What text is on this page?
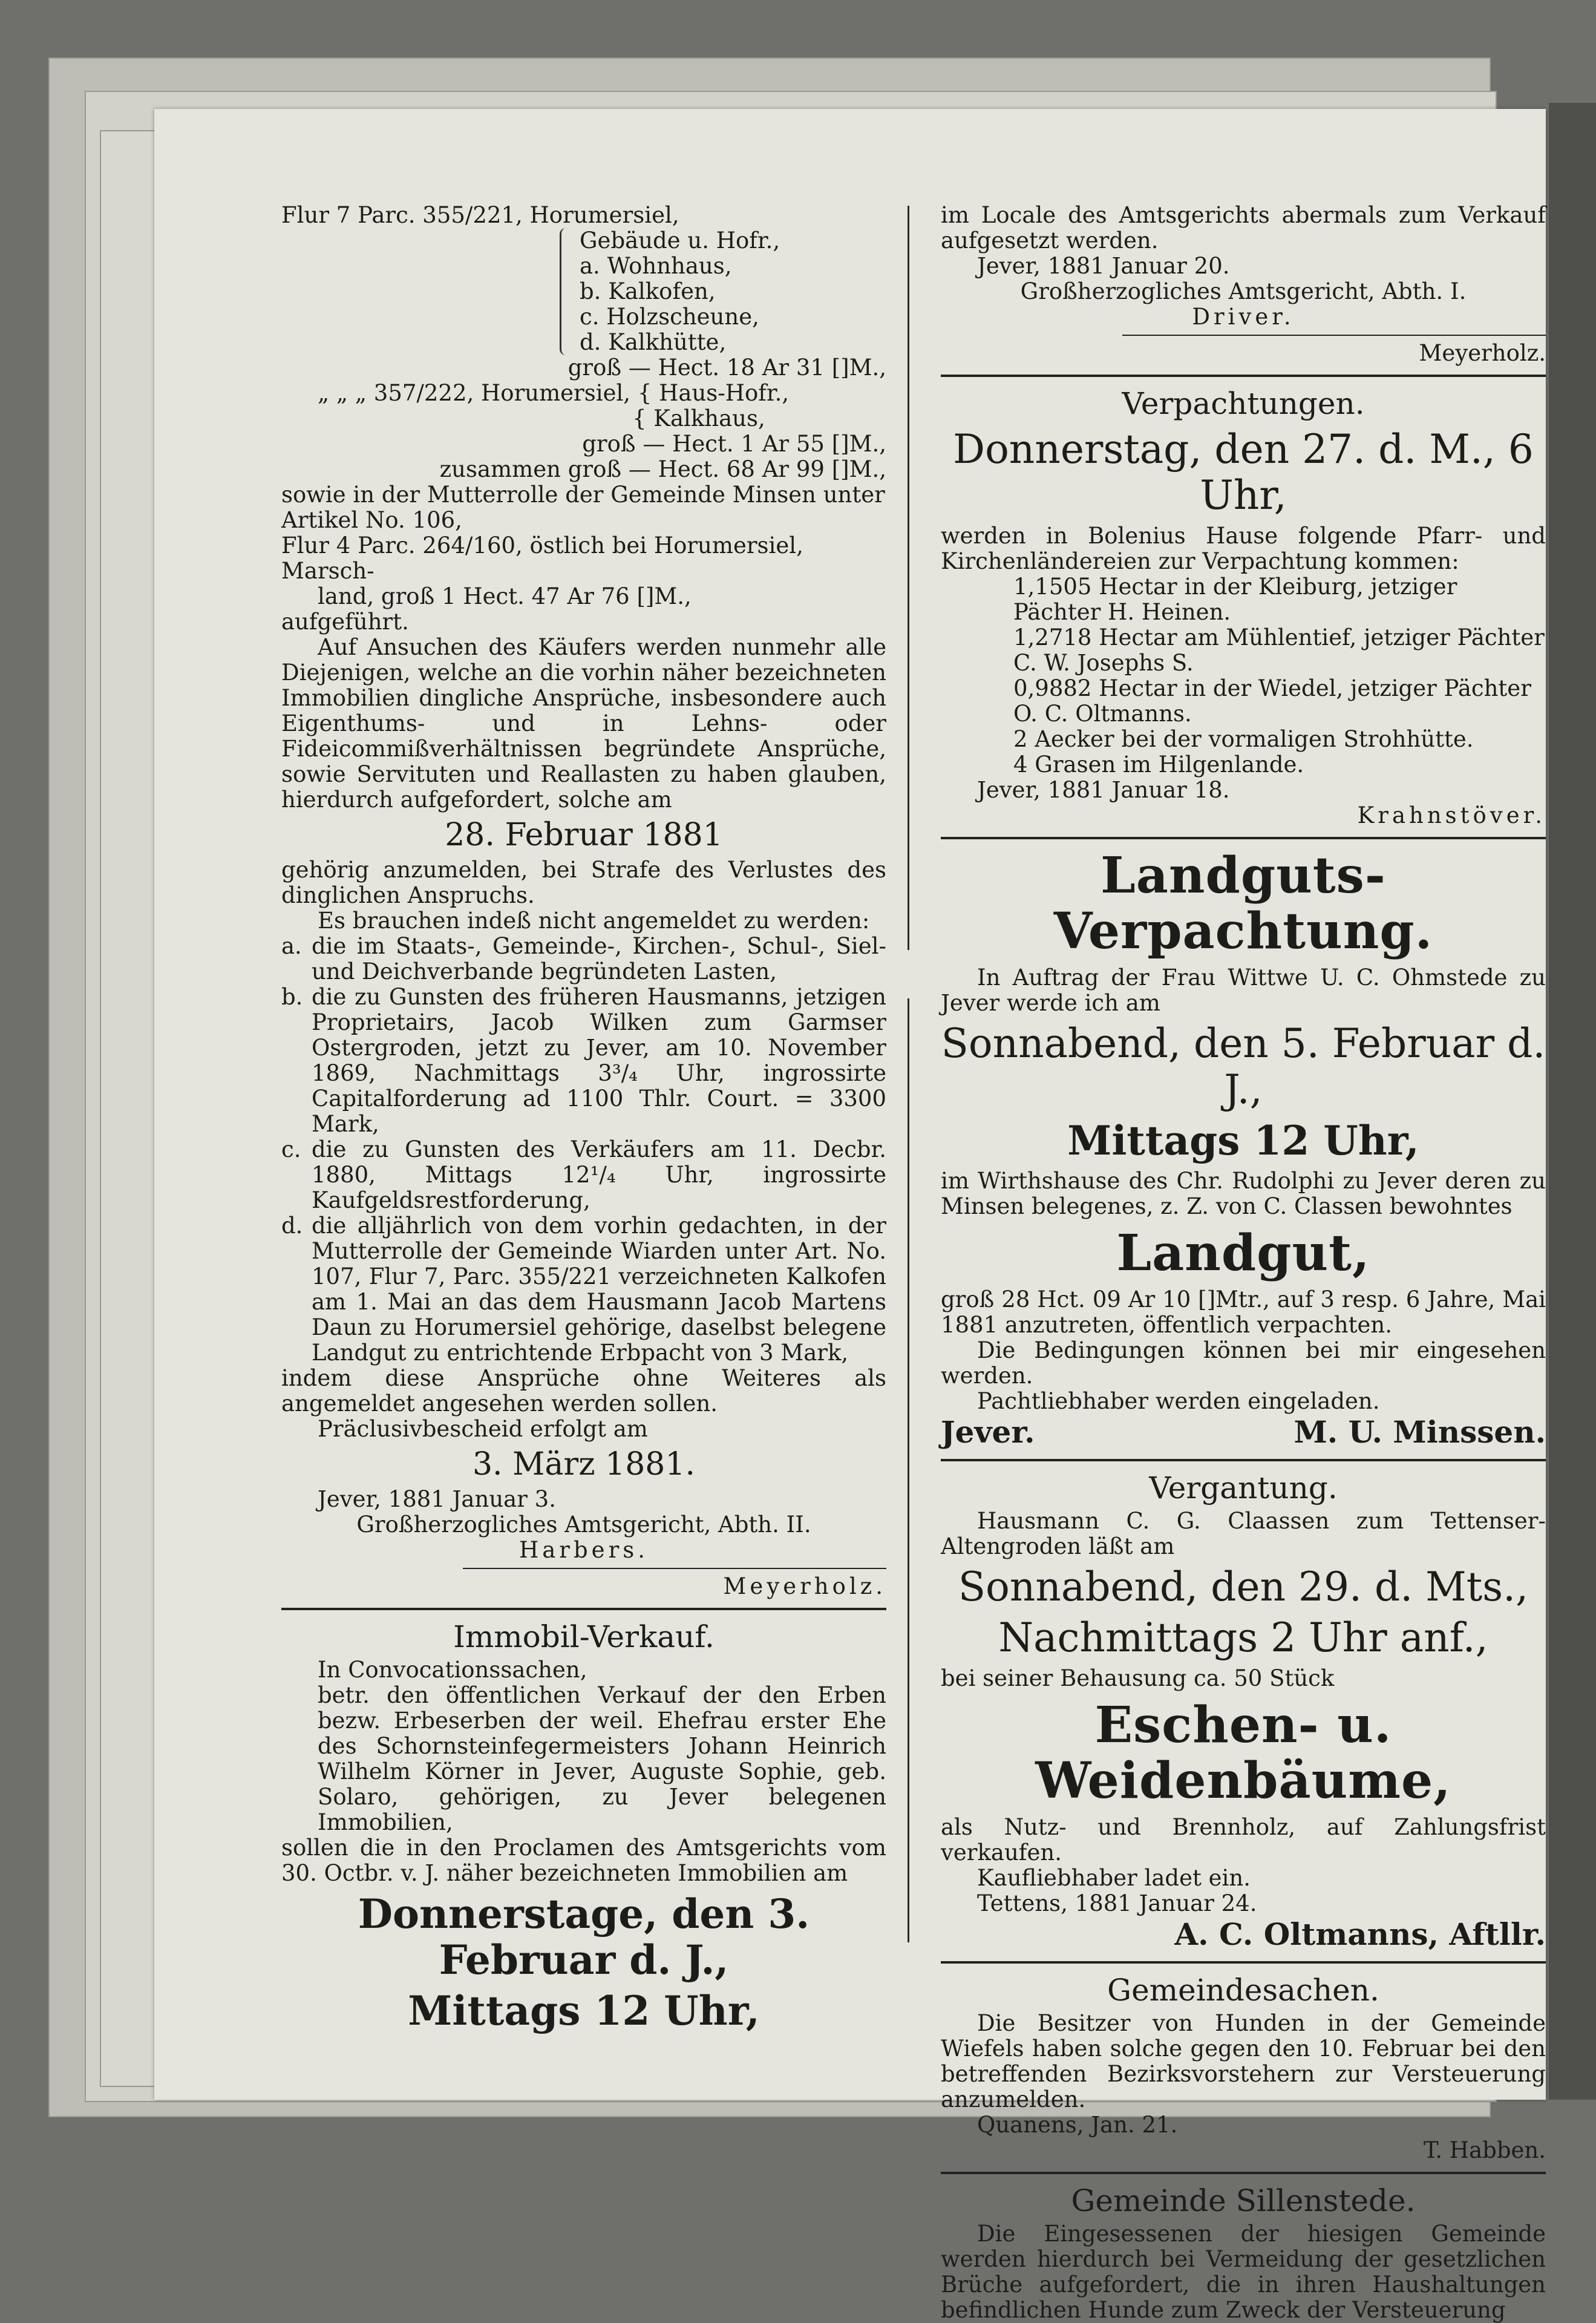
Flur 7 Parc. 355/221, Horumersiel,

Gebäude u. Hofr.,

a. Wohnhaus,

b. Kalkofen,

c. Holzscheune,

d. Kalkhütte,

groß — Hect. 18 Ar 31 []M.,

„ „ „ 357/222, Horumersiel, { Haus-Hofr.,

{ Kalkhaus,

groß — Hect. 1 Ar 55 []M.,

zusammen groß — Hect. 68 Ar 99 []M.,

sowie in der Mutterrolle der Gemeinde Minsen unter

Artikel No. 106,

Flur 4 Parc. 264/160, östlich bei Horumersiel, Marsch-

land, groß 1 Hect. 47 Ar 76 []M.,

aufgeführt.

Auf Ansuchen des Käufers werden nunmehr alle Diejenigen, welche an die vorhin näher bezeichneten Immobilien dingliche Ansprüche, insbesondere auch Eigenthums- und in Lehns- oder Fideicommißverhältnissen begründete Ansprüche, sowie Servituten und Reallasten zu haben glauben, hierdurch aufgefordert, solche am

28. Februar 1881

gehörig anzumelden, bei Strafe des Verlustes des dinglichen Anspruchs.

Es brauchen indeß nicht angemeldet zu werden:

a. die im Staats-, Gemeinde-, Kirchen-, Schul-, Siel- und Deichverbande begründeten Lasten,
b. die zu Gunsten des früheren Hausmanns, jetzigen Proprietairs, Jacob Wilken zum Garmser Ostergroden, jetzt zu Jever, am 10. November 1869, Nachmittags 3³/₄ Uhr, ingrossirte Capitalforderung ad 1100 Thlr. Court. = 3300 Mark,
c. die zu Gunsten des Verkäufers am 11. Decbr. 1880, Mittags 12¹/₄ Uhr, ingrossirte Kaufgeldsrestforderung,
d. die alljährlich von dem vorhin gedachten, in der Mutterrolle der Gemeinde Wiarden unter Art. No. 107, Flur 7, Parc. 355/221 verzeichneten Kalkofen am 1. Mai an das dem Hausmann Jacob Martens Daun zu Horumersiel gehörige, daselbst belegene Landgut zu entrichtende Erbpacht von 3 Mark,

indem diese Ansprüche ohne Weiteres als angemeldet angesehen werden sollen.

Präclusivbescheid erfolgt am

3. März 1881.

Jever, 1881 Januar 3.

Großherzogliches Amtsgericht, Abth. II.

Harbers.

Meyerholz.

Immobil-Verkauf.

In Convocationssachen,

betr. den öffentlichen Verkauf der den Erben bezw. Erbeserben der weil. Ehefrau erster Ehe des Schornsteinfegermeisters Johann Heinrich Wilhelm Körner in Jever, Auguste Sophie, geb. Solaro, gehörigen, zu Jever belegenen Immobilien,

sollen die in den Proclamen des Amtsgerichts vom 30. Octbr. v. J. näher bezeichneten Immobilien am

Donnerstage, den 3. Februar d. J.,

Mittags 12 Uhr,

im Locale des Amtsgerichts abermals zum Verkauf aufgesetzt werden.

Jever, 1881 Januar 20.

Großherzogliches Amtsgericht, Abth. I.

Driver.

Meyerholz.

Verpachtungen.

Donnerstag, den 27. d. M., 6 Uhr,

werden in Bolenius Hause folgende Pfarr- und Kirchenländereien zur Verpachtung kommen:

1,1505 Hectar in der Kleiburg, jetziger Pächter H. Heinen.

1,2718 Hectar am Mühlentief, jetziger Pächter C. W. Josephs S.

0,9882 Hectar in der Wiedel, jetziger Pächter O. C. Oltmanns.

2 Aecker bei der vormaligen Strohhütte.

4 Grasen im Hilgenlande.

Jever, 1881 Januar 18.

Krahnstöver.

Landguts-Verpachtung.

In Auftrag der Frau Wittwe U. C. Ohmstede zu Jever werde ich am

Sonnabend, den 5. Februar d. J.,

Mittags 12 Uhr,

im Wirthshause des Chr. Rudolphi zu Jever deren zu Minsen belegenes, z. Z. von C. Classen bewohntes

Landgut,

groß 28 Hct. 09 Ar 10 []Mtr., auf 3 resp. 6 Jahre, Mai 1881 anzutreten, öffentlich verpachten.

Die Bedingungen können bei mir eingesehen werden.

Pachtliebhaber werden eingeladen.

Jever.	M. U. Minssen.

Vergantung.

Hausmann C. G. Claassen zum Tettenser-Altengroden läßt am

Sonnabend, den 29. d. Mts.,

Nachmittags 2 Uhr anf.,

bei seiner Behausung ca. 50 Stück

Eschen- u. Weidenbäume,

als Nutz- und Brennholz, auf Zahlungsfrist verkaufen.

Kaufliebhaber ladet ein.

Tettens, 1881 Januar 24.

A. C. Oltmanns, Aftllr.

Gemeindesachen.

Die Besitzer von Hunden in der Gemeinde Wiefels haben solche gegen den 10. Februar bei den betreffenden Bezirksvorstehern zur Versteuerung anzumelden.

Quanens, Jan. 21.

T. Habben.

Gemeinde Sillenstede.

Die Eingesessenen der hiesigen Gemeinde werden hierdurch bei Vermeidung der gesetzlichen Brüche aufgefordert, die in ihren Haushaltungen befindlichen Hunde zum Zweck der Versteuerung
